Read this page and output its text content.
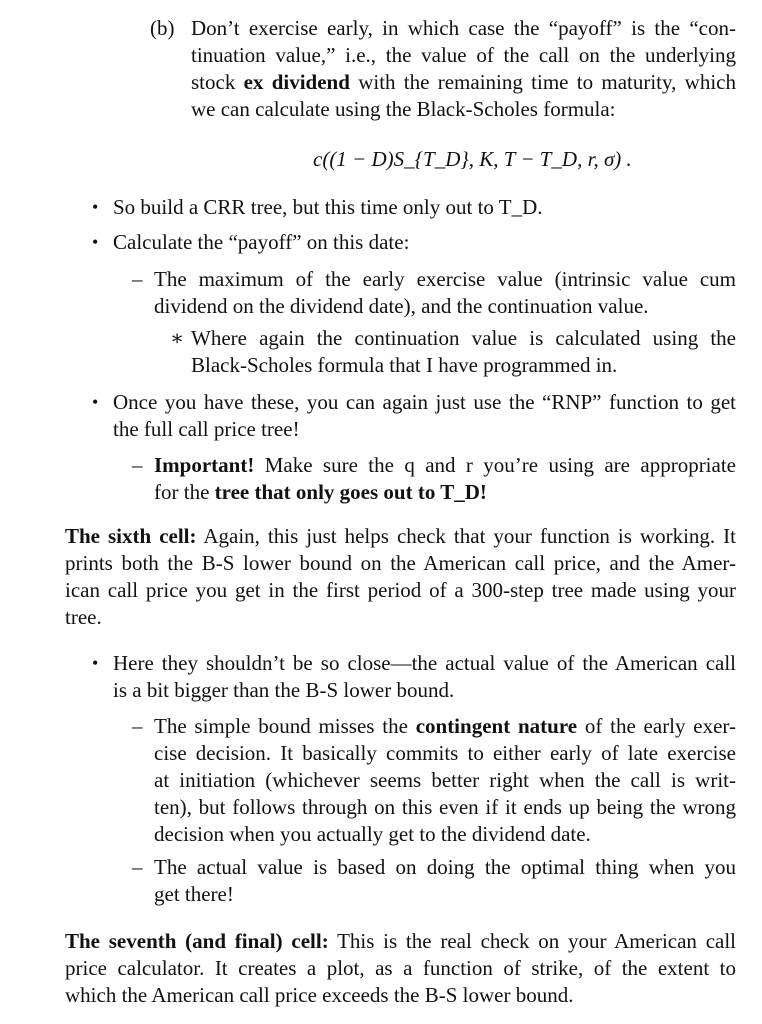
(b) Don’t exercise early, in which case the “payoff” is the “con-
tinuation value,” i.e., the value of the call on the underlying
stock ex dividend with the remaining time to maturity, which
we can calculate using the Black-Scholes formula:
c((1 − D)S_{T_D}, K, T − T_D, r, σ) .
• So build a CRR tree, but this time only out to T_D.
• Calculate the “payoff” on this date:
– The maximum of the early exercise value (intrinsic value cum
dividend on the dividend date), and the continuation value.
∗ Where again the continuation value is calculated using the
Black-Scholes formula that I have programmed in.
• Once you have these, you can again just use the “RNP” function to get
the full call price tree!
– Important! Make sure the q and r you’re using are appropriate
for the tree that only goes out to T_D!
The sixth cell: Again, this just helps check that your function is working. It
prints both the B-S lower bound on the American call price, and the Amer-
ican call price you get in the first period of a 300-step tree made using your
tree.
• Here they shouldn’t be so close—the actual value of the American call
is a bit bigger than the B-S lower bound.
– The simple bound misses the contingent nature of the early exer-
cise decision. It basically commits to either early of late exercise
at initiation (whichever seems better right when the call is writ-
ten), but follows through on this even if it ends up being the wrong
decision when you actually get to the dividend date.
– The actual value is based on doing the optimal thing when you
get there!
The seventh (and final) cell: This is the real check on your American call
price calculator. It creates a plot, as a function of strike, of the extent to
which the American call price exceeds the B-S lower bound.
